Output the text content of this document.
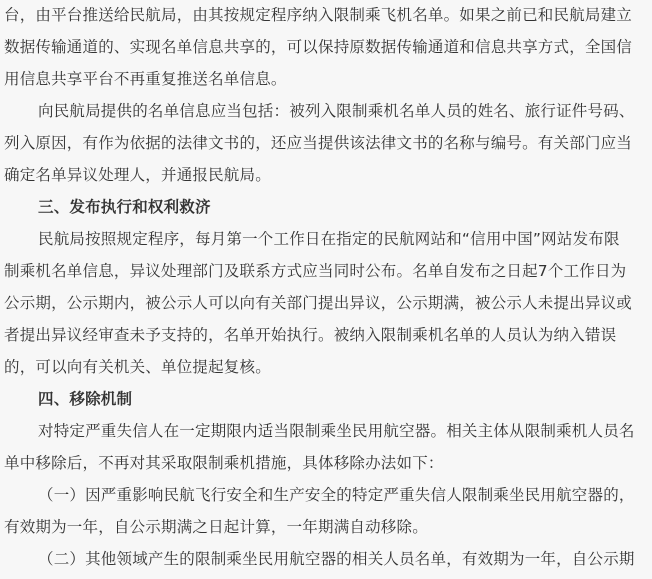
台，由平台推送给民航局，由其按规定程序纳入限制乘飞机名单。如果之前已和民航局建立
数据传输通道的、实现名单信息共享的，可以保持原数据传输通道和信息共享方式，全国信
用信息共享平台不再重复推送名单信息。
向民航局提供的名单信息应当包括：被列入限制乘机名单人员的姓名、旅行证件号码、
列入原因，有作为依据的法律文书的，还应当提供该法律文书的名称与编号。有关部门应当
确定名单异议处理人，并通报民航局。
三、发布执行和权利救济
民航局按照规定程序，每月第一个工作日在指定的民航网站和“信用中国”网站发布限
制乘机名单信息，异议处理部门及联系方式应当同时公布。名单自发布之日起7个工作日为
公示期，公示期内，被公示人可以向有关部门提出异议，公示期满，被公示人未提出异议或
者提出异议经审查未予支持的，名单开始执行。被纳入限制乘机名单的人员认为纳入错误
的，可以向有关机关、单位提起复核。
四、移除机制
对特定严重失信人在一定期限内适当限制乘坐民用航空器。相关主体从限制乘机人员名
单中移除后，不再对其采取限制乘机措施，具体移除办法如下：
（一）因严重影响民航飞行安全和生产安全的特定严重失信人限制乘坐民用航空器的，
有效期为一年，自公示期满之日起计算，一年期满自动移除。
（二）其他领域产生的限制乘坐民用航空器的相关人员名单，有效期为一年，自公示期
